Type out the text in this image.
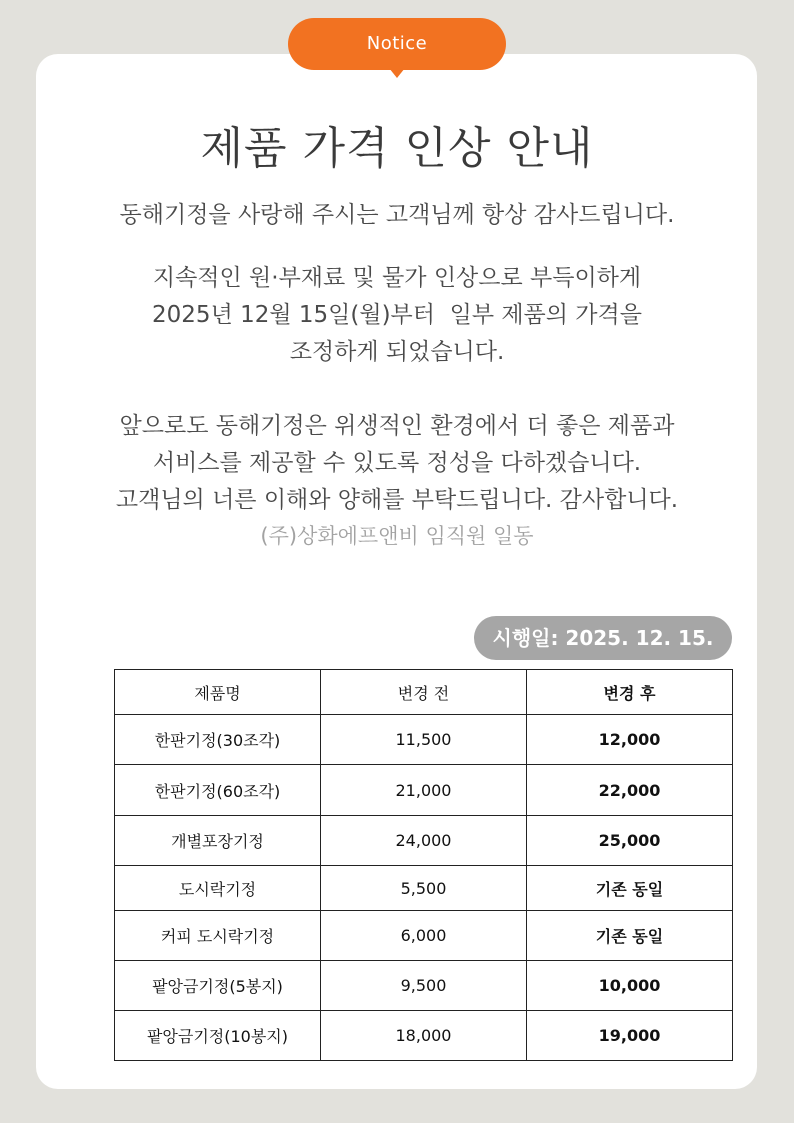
Notice
제품 가격 인상 안내
동해기정을 사랑해 주시는 고객님께 항상 감사드립니다.
지속적인 원·부재료 및 물가 인상으로 부득이하게
2025년 12월 15일(월)부터  일부 제품의 가격을
조정하게 되었습니다.
앞으로도 동해기정은 위생적인 환경에서 더 좋은 제품과
서비스를 제공할 수 있도록 정성을 다하겠습니다.
고객님의 너른 이해와 양해를 부탁드립니다. 감사합니다.
(주)상화에프앤비 임직원 일동
시행일: 2025. 12. 15.
제품명	변경 전	변경 후
한판기정(30조각)	11,500	12,000
한판기정(60조각)	21,000	22,000
개별포장기정	24,000	25,000
도시락기정	5,500	기존 동일
커피 도시락기정	6,000	기존 동일
팥앙금기정(5봉지)	9,500	10,000
팥앙금기정(10봉지)	18,000	19,000
